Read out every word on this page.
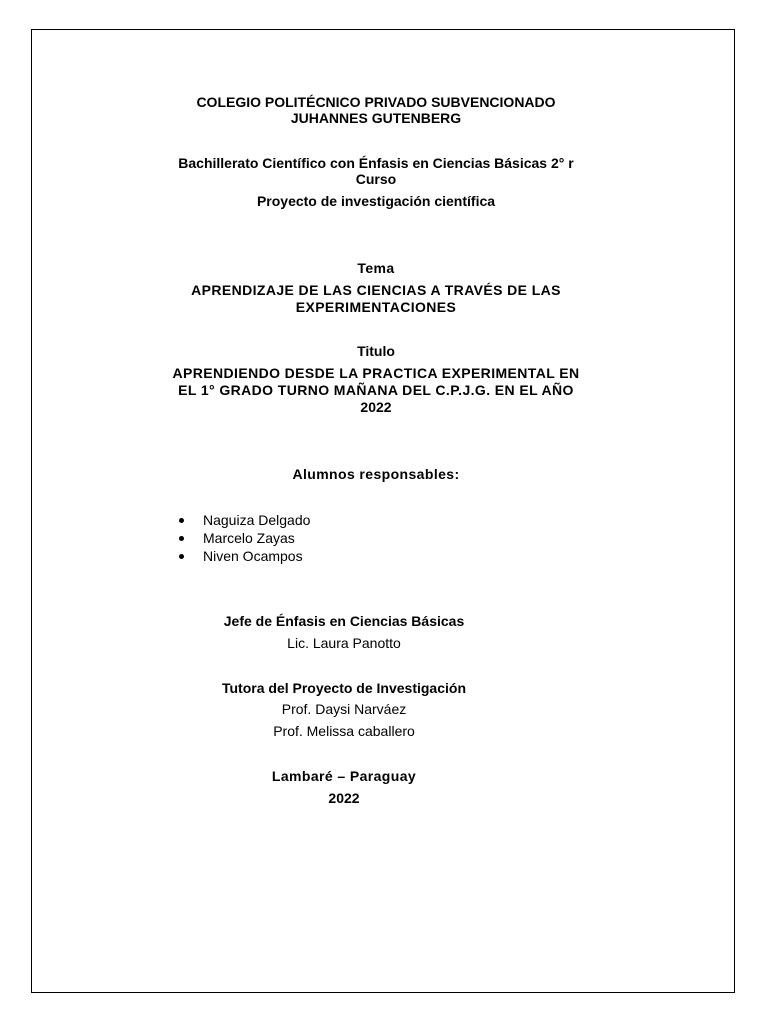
COLEGIO POLITÉCNICO PRIVADO SUBVENCIONADO
JUHANNES GUTENBERG
Bachillerato Científico con Énfasis en Ciencias Básicas 2° r
Curso
Proyecto de investigación científica
Tema
APRENDIZAJE DE LAS CIENCIAS A TRAVÉS DE LAS
EXPERIMENTACIONES
Titulo
APRENDIENDO DESDE LA PRACTICA EXPERIMENTAL EN
EL 1° GRADO TURNO MAÑANA DEL C.P.J.G. EN EL AÑO
2022
Alumnos responsables:
Naguiza Delgado
Marcelo Zayas
Niven Ocampos
Jefe de Énfasis en Ciencias Básicas
Lic. Laura Panotto
Tutora del Proyecto de Investigación
Prof. Daysi Narváez
Prof. Melissa caballero
Lambaré – Paraguay
2022
